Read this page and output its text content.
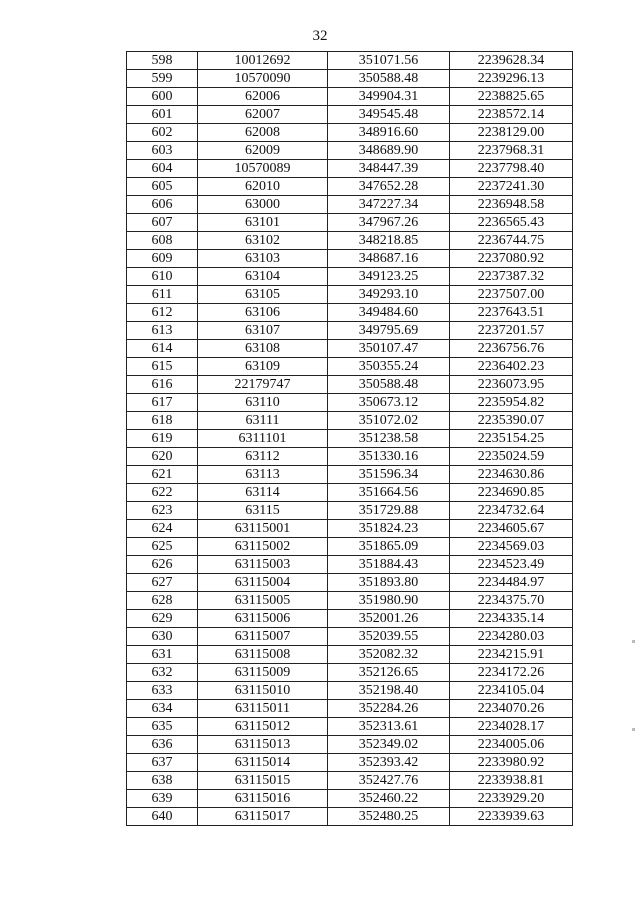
32
598	10012692	351071.56	2239628.34
599	10570090	350588.48	2239296.13
600	62006	349904.31	2238825.65
601	62007	349545.48	2238572.14
602	62008	348916.60	2238129.00
603	62009	348689.90	2237968.31
604	10570089	348447.39	2237798.40
605	62010	347652.28	2237241.30
606	63000	347227.34	2236948.58
607	63101	347967.26	2236565.43
608	63102	348218.85	2236744.75
609	63103	348687.16	2237080.92
610	63104	349123.25	2237387.32
611	63105	349293.10	2237507.00
612	63106	349484.60	2237643.51
613	63107	349795.69	2237201.57
614	63108	350107.47	2236756.76
615	63109	350355.24	2236402.23
616	22179747	350588.48	2236073.95
617	63110	350673.12	2235954.82
618	63111	351072.02	2235390.07
619	6311101	351238.58	2235154.25
620	63112	351330.16	2235024.59
621	63113	351596.34	2234630.86
622	63114	351664.56	2234690.85
623	63115	351729.88	2234732.64
624	63115001	351824.23	2234605.67
625	63115002	351865.09	2234569.03
626	63115003	351884.43	2234523.49
627	63115004	351893.80	2234484.97
628	63115005	351980.90	2234375.70
629	63115006	352001.26	2234335.14
630	63115007	352039.55	2234280.03
631	63115008	352082.32	2234215.91
632	63115009	352126.65	2234172.26
633	63115010	352198.40	2234105.04
634	63115011	352284.26	2234070.26
635	63115012	352313.61	2234028.17
636	63115013	352349.02	2234005.06
637	63115014	352393.42	2233980.92
638	63115015	352427.76	2233938.81
639	63115016	352460.22	2233929.20
640	63115017	352480.25	2233939.63
